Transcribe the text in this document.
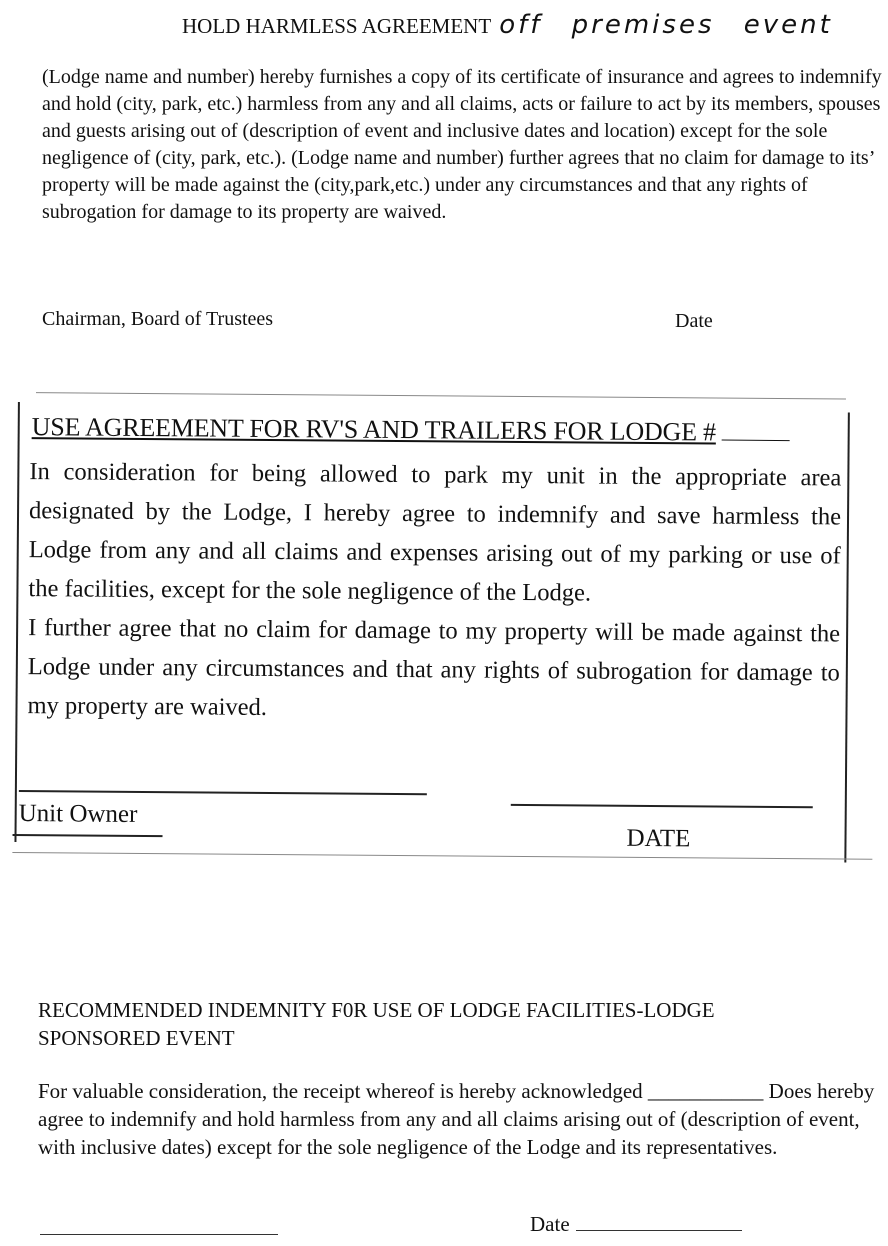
HOLD HARMLESS AGREEMENT off premises event
(Lodge name and number) hereby furnishes a copy of its certificate of insurance and agrees to indemnify and hold (city, park, etc.) harmless from any and all claims, acts or failure to act by its members, spouses and guests arising out of (description of event and inclusive dates and location) except for the sole negligence of (city, park, etc.). (Lodge name and number) further agrees that no claim for damage to its’ property will be made against the (city,park,etc.) under any circumstances and that any rights of subrogation for damage to its property are waived.
Chairman, Board of Trustees	Date
USE AGREEMENT FOR RV'S AND TRAILERS FOR LODGE #
In consideration for being allowed to park my unit in the appropriate area designated by the Lodge, I hereby agree to indemnify and save harmless the Lodge from any and all claims and expenses arising out of my parking or use of the facilities, except for the sole negligence of the Lodge.
I further agree that no claim for damage to my property will be made against the Lodge under any circumstances and that any rights of subrogation for damage to my property are waived.
Unit Owner
DATE
RECOMMENDED INDEMNITY F0R USE OF LODGE FACILITIES-LODGE SPONSORED EVENT
For valuable consideration, the receipt whereof is hereby acknowledged ___________ Does hereby agree to indemnify and hold harmless from any and all claims arising out of (description of event, with inclusive dates) except for the sole negligence of the Lodge and its representatives.
Date
